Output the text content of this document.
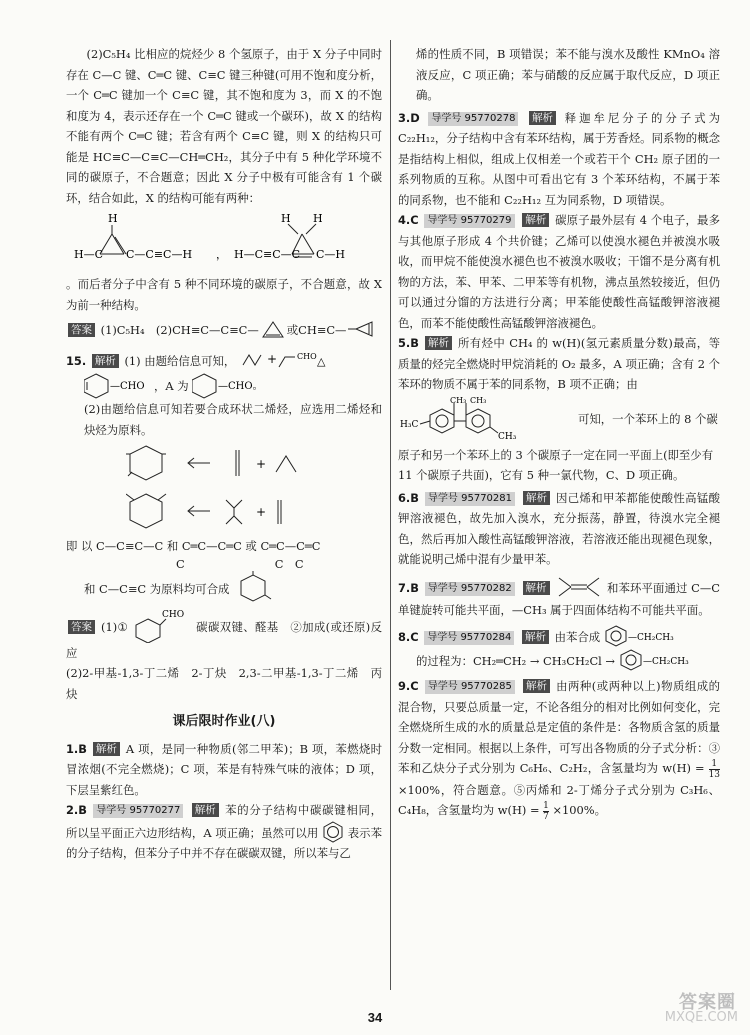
(2)C₅H₄ 比相应的烷烃少 8 个氢原子，由于 X 分子中同时存在 C—C 键、C═C 键、C≡C 键三种键(可用不饱和度分析，一个 C═C 键加一个 C≡C 键，其不饱和度为 3，而 X 的不饱和度为 4，表示还存在一个 C═C 键或一个碳环)，故 X 的结构不能有两个 C═C 键；若含有两个 C≡C 键，则 X 的结构只可能是 HC≡C—C≡C—CH═CH₂，其分子中有 5 种化学环境不同的碳原子，不合题意；因此 X 分子中极有可能含有 1 个碳环，结合如此，X 的结构可能有两种：

H
H—C C—C≡C—H ，
H H
H—C≡C—C C—H

。而后者分子中含有 5 种不同环境的碳原子，不合题意，故 X 为前一种结构。

答案 (1)C₅H₄　(2)CH≡C—C≡C— 或CH≡C—

15. 解析 (1) 由题给信息可知，	+ CHO △

—CHO ，A 为	—CHO。

(2)由题给信息可知若要合成环状二烯烃，应选用二烯烃和炔烃为原料。

+
+

即 以 C—C≡C—C 和 C═C—C═C 或 C═C—C═C

C	C　C

和 C—C≡C 为原料均可合成

答案 (1)①
CHO
碳碳双键、醛基　②加成(或还原)反应

(2)2-甲基-1,3-丁二烯　2-丁炔　2,3-二甲基-1,3-丁二烯　丙炔

课后限时作业(八)

1.B 解析 A 项，是同一种物质(邻二甲苯)；B 项，苯燃烧时冒浓烟(不完全燃烧)；C 项，苯是有特殊气味的液体；D 项，下层呈紫红色。

2.B 导学号 95770277 解析 苯的分子结构中碳碳键相同，所以呈平面正六边形结构，A 项正确；虽然可以用	表示苯的分子结构，但苯分子中并不存在碳碳双键，所以苯与乙

烯的性质不同，B 项错误；苯不能与溴水及酸性 KMnO₄ 溶液反应，C 项正确；苯与硝酸的反应属于取代反应，D 项正确。

3.D 导学号 95770278 解析 释迦牟尼分子的分子式为 C₂₂H₁₂，分子结构中含有苯环结构，属于芳香烃。同系物的概念是指结构上相似，组成上仅相差一个或若干个 CH₂ 原子团的一系列物质的互称。从图中可看出它有 3 个苯环结构，不属于苯的同系物，也不能和 C₂₂H₁₂ 互为同系物，D 项错误。

4.C 导学号 95770279 解析 碳原子最外层有 4 个电子，最多与其他原子形成 4 个共价键；乙烯可以使溴水褪色并被溴水吸收，而甲烷不能使溴水褪色也不被溴水吸收；干馏不是分离有机物的方法，苯、甲苯、二甲苯等有机物，沸点虽然较接近，但仍可以通过分馏的方法进行分离；甲苯能使酸性高锰酸钾溶液褪色，而苯不能使酸性高锰酸钾溶液褪色。

5.B 解析 所有烃中 CH₄ 的 w(H)(氢元素质量分数)最高，等质量的烃完全燃烧时甲烷消耗的 O₂ 最多，A 项正确；含有 2 个苯环的物质不属于苯的同系物，B 项不正确；由

H₃C
CH₃ CH₃
CH₃
可知，一个苯环上的 8 个碳原子和另一个苯环上的 3 个碳原子一定在同一平面上(即至少有 11 个碳原子共面)，它有 5 种一氯代物，C、D 项正确。

6.B 导学号 95770281 解析 因己烯和甲苯都能使酸性高锰酸钾溶液褪色，故先加入溴水，充分振荡，静置，待溴水完全褪色，然后再加入酸性高锰酸钾溶液，若溶液还能出现褪色现象，就能说明己烯中混有少量甲苯。

7.B 导学号 95770282 解析	和苯环平面通过 C—C 单键旋转可能共平面，—CH₃ 属于四面体结构不可能共平面。

8.C 导学号 95770284 解析 由苯合成	—CH₂CH₃

的过程为：CH₂═CH₂ → CH₃CH₂Cl →	—CH₂CH₃

9.C 导学号 95770285 解析 由两种(或两种以上)物质组成的混合物，只要总质量一定，不论各组分的相对比例如何变化，完全燃烧所生成的水的质量总是定值的条件是：各物质含氢的质量分数一定相同。根据以上条件，可写出各物质的分子式分析：③苯和乙炔分子式分别为 C₆H₆、C₂H₂，含氢量均为 $w(H) = \frac{1}{13}$
×100%，符合题意。⑤丙烯和 2-丁烯分子式分别为 C₃H₆、C₄H₈，含氢量均为 $w(H) = \frac{1}{7} \times 100\%$。

34
答案圈
MXQE.COM
